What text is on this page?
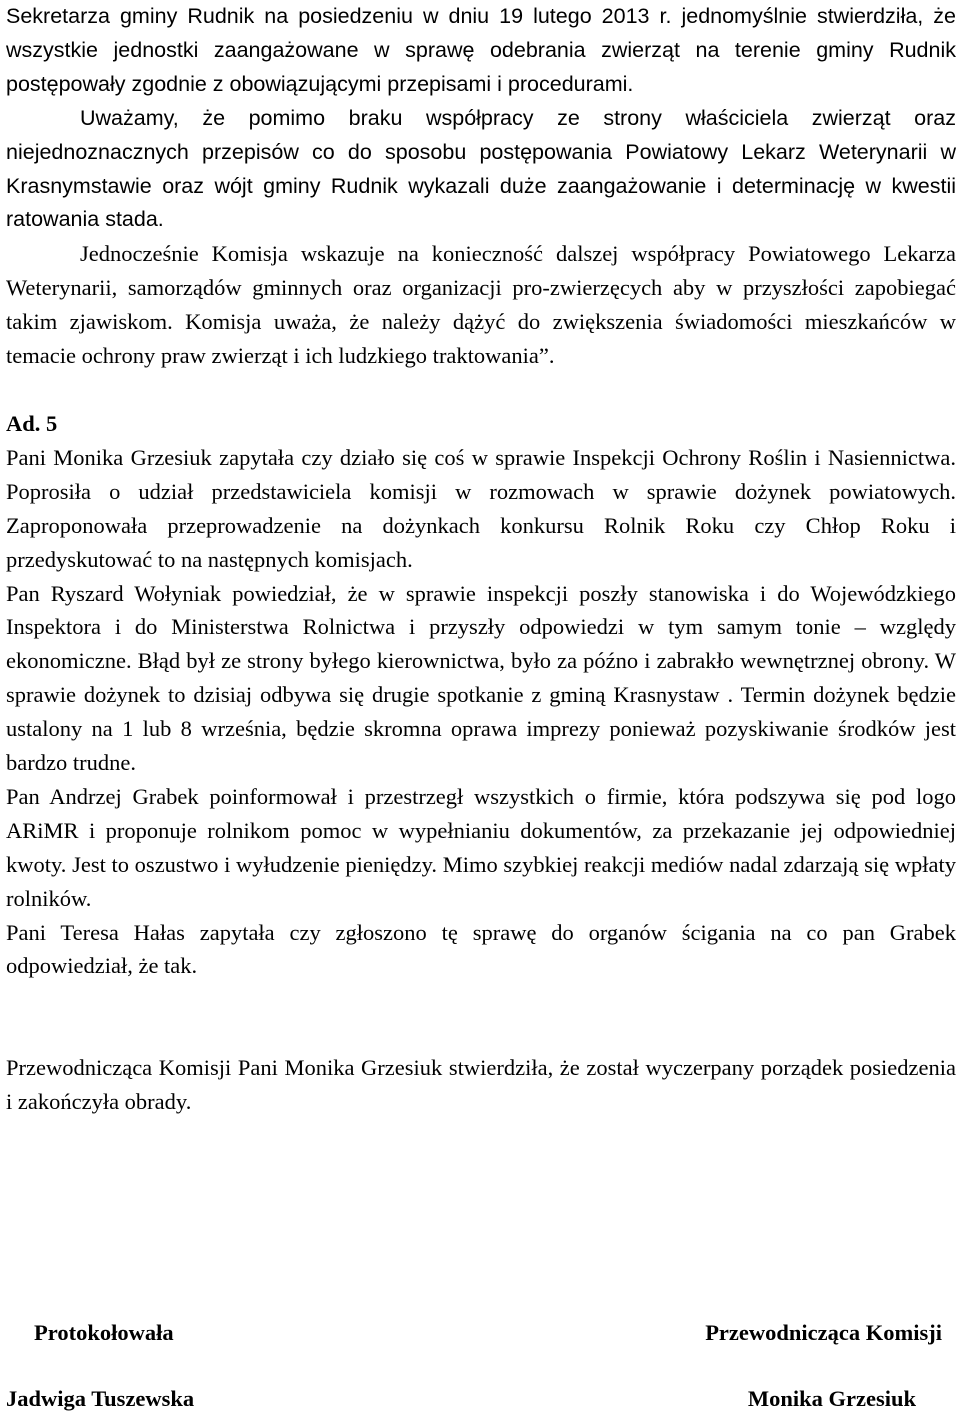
Sekretarza gminy Rudnik na posiedzeniu w dniu 19 lutego 2013 r. jednomyślnie stwierdziła, że wszystkie jednostki zaangażowane w sprawę odebrania zwierząt na terenie gminy Rudnik postępowały zgodnie z obowiązującymi przepisami i procedurami.

Uważamy, że pomimo braku współpracy ze strony właściciela zwierząt oraz niejednoznacznych przepisów co do sposobu postępowania Powiatowy Lekarz Weterynarii w Krasnymstawie oraz wójt gminy Rudnik wykazali duże zaangażowanie i determinację w kwestii ratowania stada.

Jednocześnie Komisja wskazuje na konieczność dalszej współpracy Powiatowego Lekarza Weterynarii, samorządów gminnych oraz organizacji pro-zwierzęcych aby w przyszłości zapobiegać takim zjawiskom. Komisja uważa, że należy dążyć do zwiększenia świadomości mieszkańców w temacie ochrony praw zwierząt i ich ludzkiego traktowania”.

Ad. 5

Pani Monika Grzesiuk zapytała czy działo się coś w sprawie Inspekcji Ochrony Roślin i Nasiennictwa. Poprosiła o udział przedstawiciela komisji w rozmowach w sprawie dożynek powiatowych. Zaproponowała przeprowadzenie na dożynkach konkursu Rolnik Roku czy Chłop Roku i przedyskutować to na następnych komisjach.

Pan Ryszard Wołyniak powiedział, że w sprawie inspekcji poszły stanowiska i do Wojewódzkiego Inspektora i do Ministerstwa Rolnictwa i przyszły odpowiedzi w tym samym tonie – względy ekonomiczne. Błąd był ze strony byłego kierownictwa, było za późno i zabrakło wewnętrznej obrony. W sprawie dożynek to dzisiaj odbywa się drugie spotkanie z gminą Krasnystaw . Termin dożynek będzie ustalony na 1 lub 8 września, będzie skromna oprawa imprezy ponieważ pozyskiwanie środków jest bardzo trudne.

Pan Andrzej Grabek poinformował i przestrzegł wszystkich o firmie, która podszywa się pod logo ARiMR i proponuje rolnikom pomoc w wypełnianiu dokumentów, za przekazanie jej odpowiedniej kwoty. Jest to oszustwo i wyłudzenie pieniędzy. Mimo szybkiej reakcji mediów nadal zdarzają się wpłaty rolników.

Pani Teresa Hałas zapytała czy zgłoszono tę sprawę do organów ścigania na co pan Grabek odpowiedział, że tak.

Przewodnicząca Komisji Pani Monika Grzesiuk stwierdziła, że został wyczerpany porządek posiedzenia i zakończyła obrady.

Protokołowała	Przewodnicząca Komisji
Jadwiga Tuszewska	Monika Grzesiuk
